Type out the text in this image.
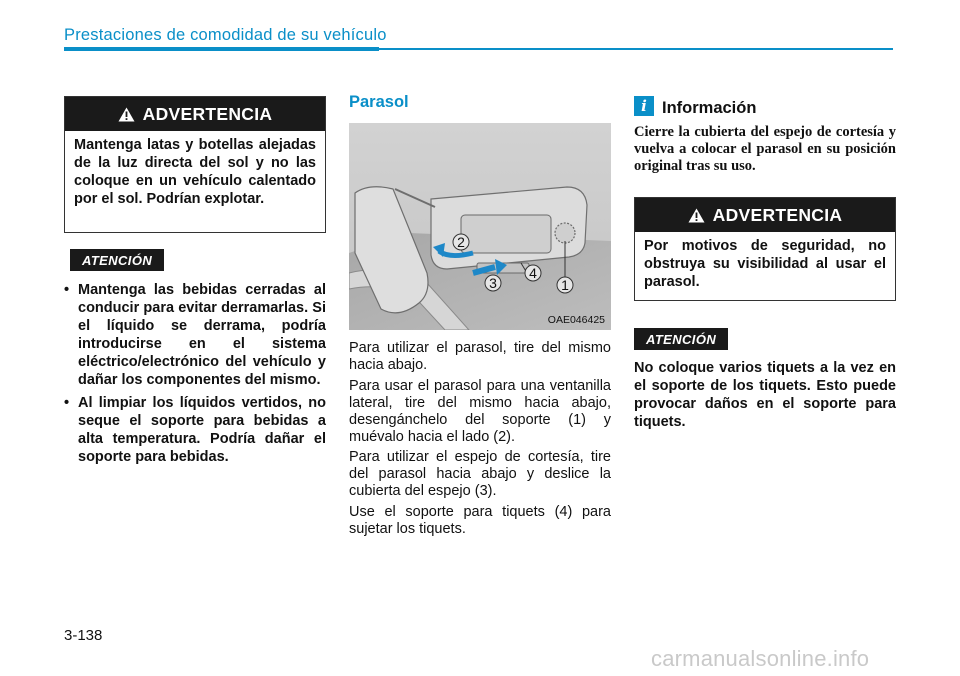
Prestaciones de comodidad de su vehículo
ADVERTENCIA
Mantenga latas y botellas alejadas de la luz directa del sol y no las coloque en un vehículo calentado por el sol. Podrían explotar.
ATENCIÓN
• Mantenga las bebidas cerradas al conducir para evitar derramarlas. Si el líquido se derrama, podría introducirse en el sistema eléctrico/electrónico del vehículo y dañar los componentes del mismo.
• Al limpiar los líquidos vertidos, no seque el soporte para bebidas a alta temperatura. Podría dañar el soporte para bebidas.
Parasol
2
3
4
1
OAE046425
Para utilizar el parasol, tire del mismo hacia abajo.
Para usar el parasol para una ventanilla lateral, tire del mismo hacia abajo, desengánchelo del soporte (1) y muévalo hacia el lado (2).
Para utilizar el espejo de cortesía, tire del parasol hacia abajo y deslice la cubierta del espejo (3).
Use el soporte para tiquets (4) para sujetar los tiquets.
i Información
Cierre la cubierta del espejo de cortesía y vuelva a colocar el parasol en su posición original tras su uso.
ADVERTENCIA
Por motivos de seguridad, no obstruya su visibilidad al usar el parasol.
ATENCIÓN
No coloque varios tiquets a la vez en el soporte de los tiquets. Esto puede provocar daños en el soporte para tiquets.
3-138
carmanualsonline.info
